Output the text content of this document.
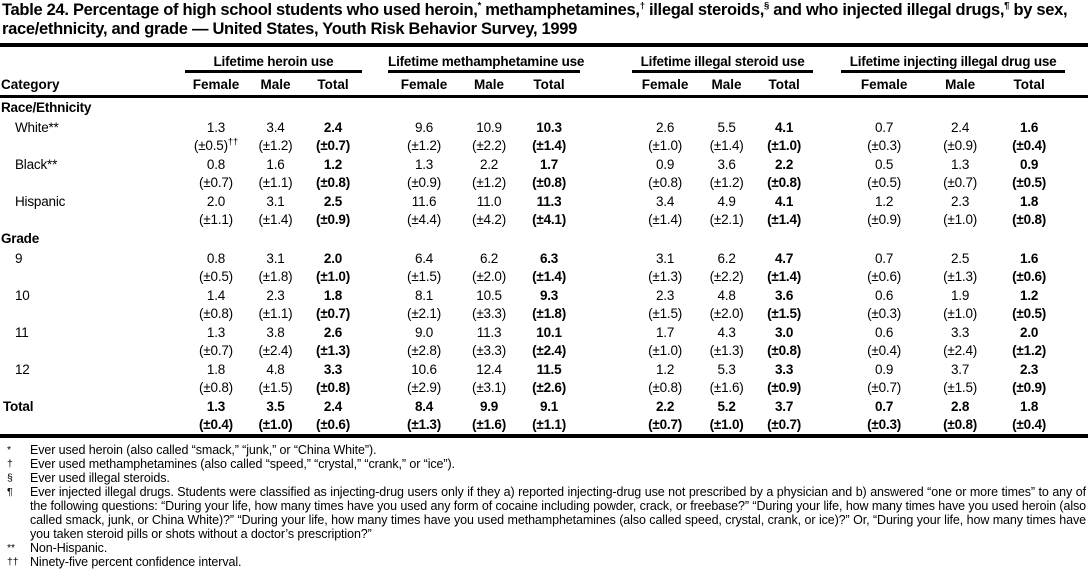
Table 24. Percentage of high school students who used heroin,* methamphetamines,† illegal steroids,§ and who injected illegal drugs,¶ by sex, race/ethnicity, and grade — United States, Youth Risk Behavior Survey, 1999
	Lifetime heroin use				Lifetime methamphetamine use				Lifetime illegal steroid use				Lifetime injecting illegal drug use			
Category	Female	Male	Total		Female	Male	Total		Female	Male	Total		Female	Male	Total	
Race/Ethnicity																
White**	1.3	3.4	2.4		9.6	10.9	10.3		2.6	5.5	4.1		0.7	2.4	1.6	
	(±0.5)††	(±1.2)	(±0.7)		(±1.2)	(±2.2)	(±1.4)		(±1.0)	(±1.4)	(±1.0)		(±0.3)	(±0.9)	(±0.4)	
Black**	0.8	1.6	1.2		1.3	2.2	1.7		0.9	3.6	2.2		0.5	1.3	0.9	
	(±0.7)	(±1.1)	(±0.8)		(±0.9)	(±1.2)	(±0.8)		(±0.8)	(±1.2)	(±0.8)		(±0.5)	(±0.7)	(±0.5)	
Hispanic	2.0	3.1	2.5		11.6	11.0	11.3		3.4	4.9	4.1		1.2	2.3	1.8	
	(±1.1)	(±1.4)	(±0.9)		(±4.4)	(±4.2)	(±4.1)		(±1.4)	(±2.1)	(±1.4)		(±0.9)	(±1.0)	(±0.8)	
Grade																
9	0.8	3.1	2.0		6.4	6.2	6.3		3.1	6.2	4.7		0.7	2.5	1.6	
	(±0.5)	(±1.8)	(±1.0)		(±1.5)	(±2.0)	(±1.4)		(±1.3)	(±2.2)	(±1.4)		(±0.6)	(±1.3)	(±0.6)	
10	1.4	2.3	1.8		8.1	10.5	9.3		2.3	4.8	3.6		0.6	1.9	1.2	
	(±0.8)	(±1.1)	(±0.7)		(±2.1)	(±3.3)	(±1.8)		(±1.5)	(±2.0)	(±1.5)		(±0.3)	(±1.0)	(±0.5)	
11	1.3	3.8	2.6		9.0	11.3	10.1		1.7	4.3	3.0		0.6	3.3	2.0	
	(±0.7)	(±2.4)	(±1.3)		(±2.8)	(±3.3)	(±2.4)		(±1.0)	(±1.3)	(±0.8)		(±0.4)	(±2.4)	(±1.2)	
12	1.8	4.8	3.3		10.6	12.4	11.5		1.2	5.3	3.3		0.9	3.7	2.3	
	(±0.8)	(±1.5)	(±0.8)		(±2.9)	(±3.1)	(±2.6)		(±0.8)	(±1.6)	(±0.9)		(±0.7)	(±1.5)	(±0.9)	
Total	1.3	3.5	2.4		8.4	9.9	9.1		2.2	5.2	3.7		0.7	2.8	1.8	
	(±0.4)	(±1.0)	(±0.6)		(±1.3)	(±1.6)	(±1.1)		(±0.7)	(±1.0)	(±0.7)		(±0.3)	(±0.8)	(±0.4)	
*	Ever used heroin (also called “smack,” “junk,” or “China White”).
†	Ever used methamphetamines (also called “speed,” “crystal,” “crank,” or “ice”).
§	Ever used illegal steroids.
¶	Ever injected illegal drugs. Students were classified as injecting-drug users only if they a) reported injecting-drug use not prescribed by a physician and b) answered “one or more times” to any of the following questions: “During your life, how many times have you used any form of cocaine including powder, crack, or freebase?” “During your life, how many times have you used heroin (also called smack, junk, or China White)?” “During your life, how many times have you used methamphetamines (also called speed, crystal, crank, or ice)?” Or, “During your life, how many times have you taken steroid pills or shots without a doctor’s prescription?”
**	Non-Hispanic.
†† Ninety-five percent confidence interval.
